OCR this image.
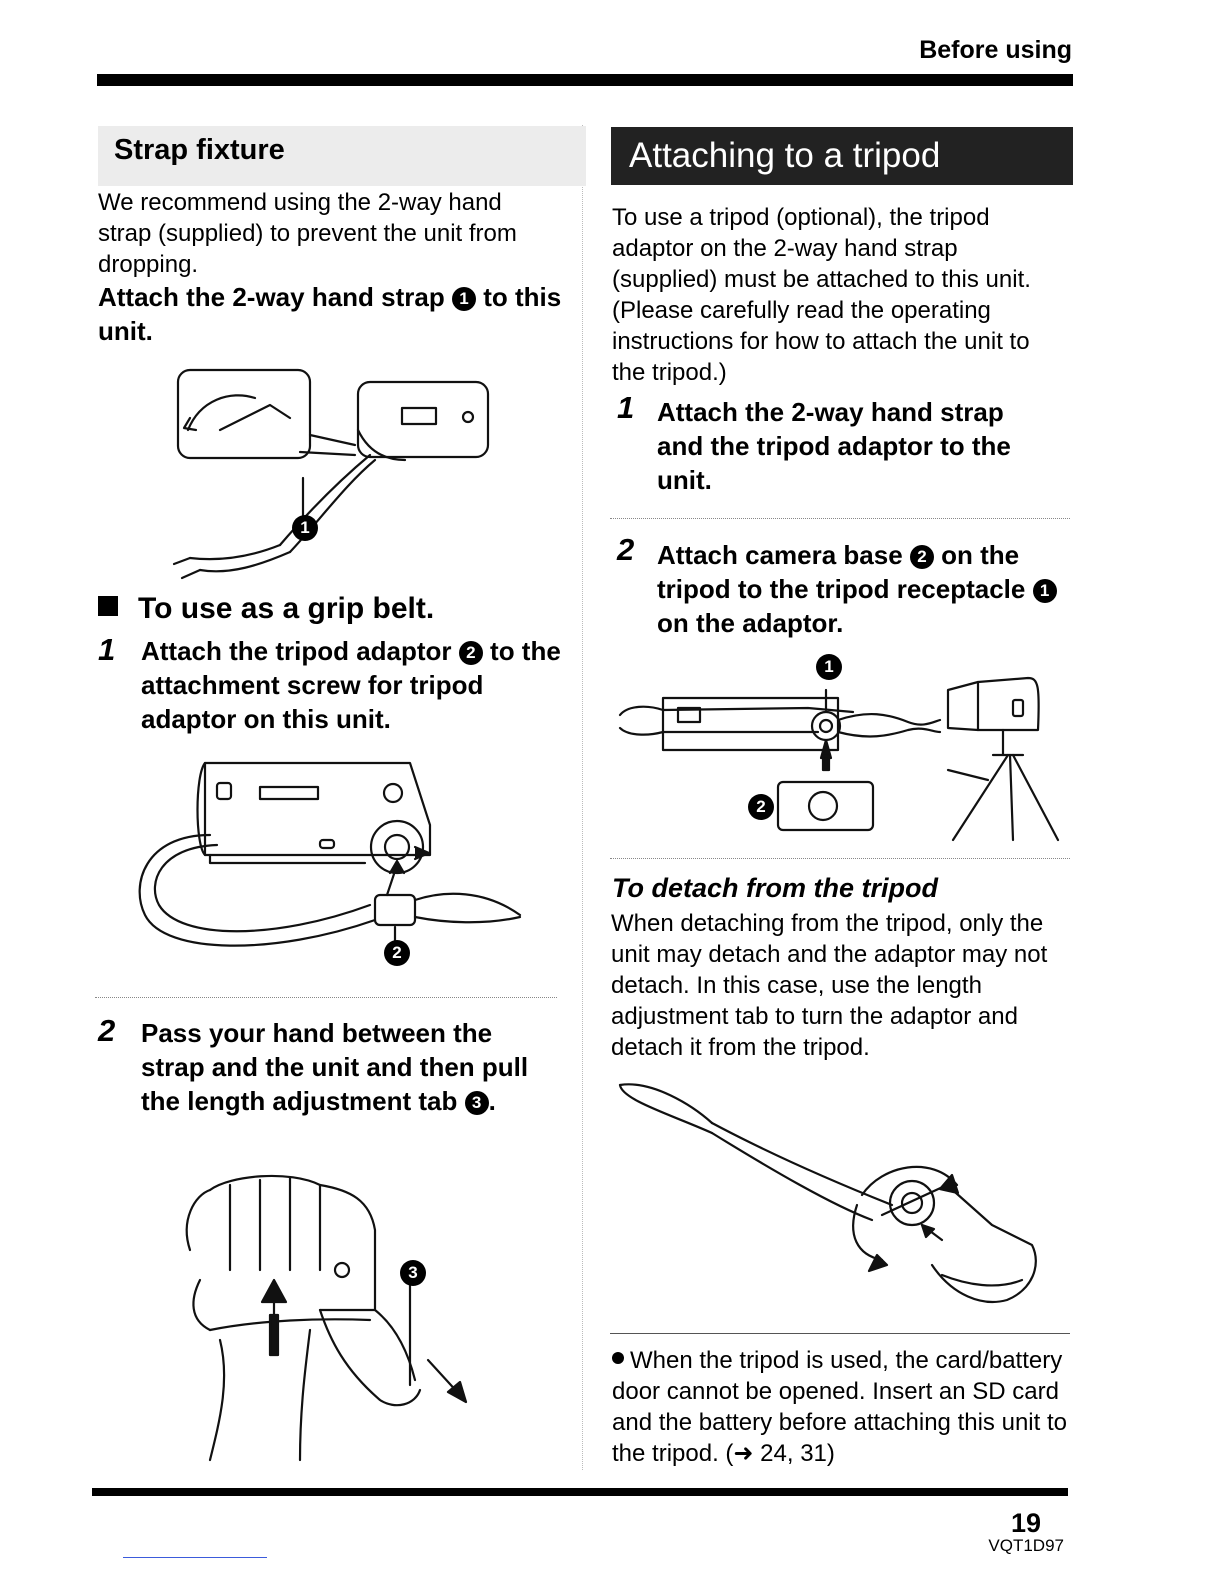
Before using
Strap fixture
We recommend using the 2-way hand strap (supplied) to prevent the unit from dropping.
Attach the 2-way hand strap 1 to this unit.
1
To use as a grip belt.
1 Attach the tripod adaptor 2 to the attachment screw for tripod adaptor on this unit.
2
2 Pass your hand between the strap and the unit and then pull the length adjustment tab 3 .
3
Attaching to a tripod
To use a tripod (optional), the tripod adaptor on the 2-way hand strap (supplied) must be attached to this unit. (Please carefully read the operating instructions for how to attach the unit to the tripod.)
1 Attach the 2-way hand strap and the tripod adaptor to the unit.
2 Attach camera base 2 on the tripod to the tripod receptacle 1 on the adaptor.
1
2
To detach from the tripod
When detaching from the tripod, only the unit may detach and the adaptor may not detach. In this case, use the length adjustment tab to turn the adaptor and detach it from the tripod.
When the tripod is used, the card/battery door cannot be opened. Insert an SD card and the battery before attaching this unit to the tripod. (➜ 24, 31)
19
VQT1D97
